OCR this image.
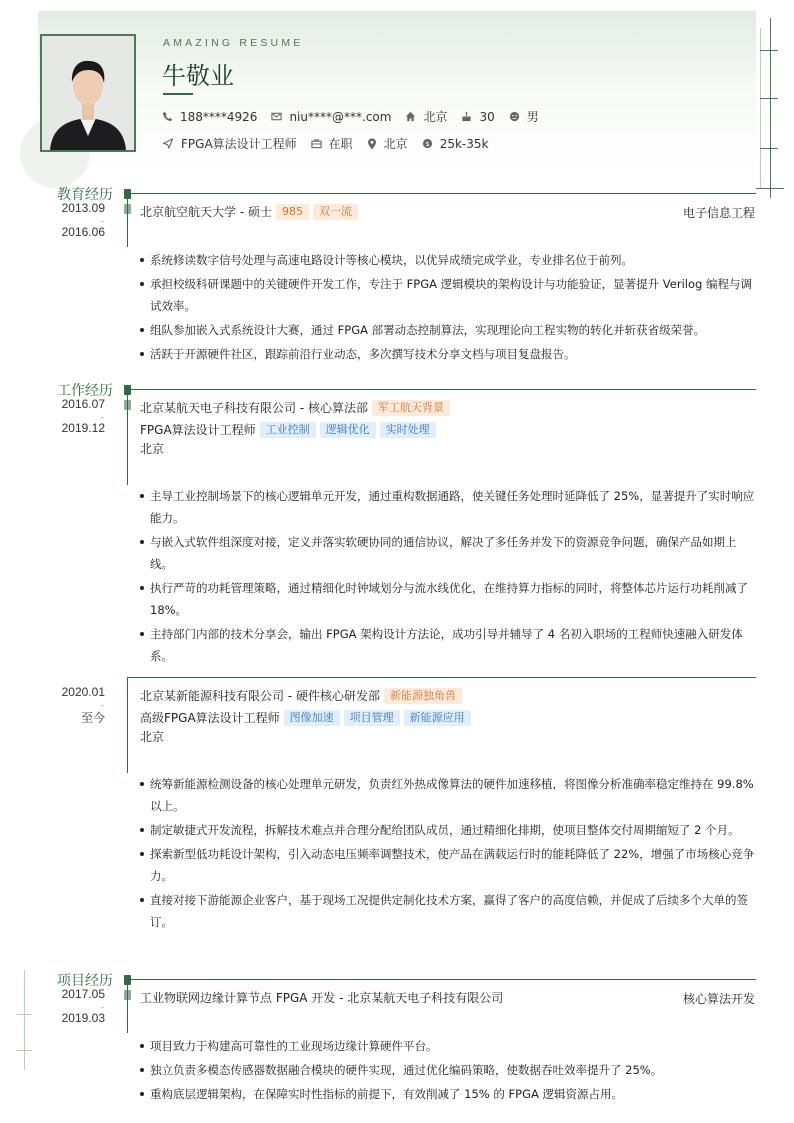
AMAZING RESUME
牛敬业
188****4926	niu****@***.com	北京	30	男
FPGA算法设计工程师	在职	北京 $ 25k-35k
教育经历
2013.09
-
2016.06
北京航空航天大学 - 硕士 985	双一流	电子信息工程
系统修读数字信号处理与高速电路设计等核心模块，以优异成绩完成学业，专业排名位于前列。
承担校级科研课题中的关键硬件开发工作，专注于 FPGA 逻辑模块的架构设计与功能验证，显著提升 Verilog 编程与调试效率。
组队参加嵌入式系统设计大赛，通过 FPGA 部署动态控制算法，实现理论向工程实物的转化并斩获省级荣誉。
活跃于开源硬件社区，跟踪前沿行业动态，多次撰写技术分享文档与项目复盘报告。
工作经历
2016.07
-
2019.12
北京某航天电子科技有限公司 - 核心算法部 军工航天背景
FPGA算法设计工程师 工业控制	逻辑优化	实时处理
北京
主导工业控制场景下的核心逻辑单元开发，通过重构数据通路，使关键任务处理时延降低了 25%，显著提升了实时响应能力。
与嵌入式软件组深度对接，定义并落实软硬协同的通信协议，解决了多任务并发下的资源竞争问题，确保产品如期上线。
执行严苛的功耗管理策略，通过精细化时钟域划分与流水线优化，在维持算力指标的同时，将整体芯片运行功耗削减了 18%。
主持部门内部的技术分享会，输出 FPGA 架构设计方法论，成功引导并辅导了 4 名初入职场的工程师快速融入研发体系。
2020.01
-
至今
北京某新能源科技有限公司 - 硬件核心研发部 新能源独角兽
高级FPGA算法设计工程师 图像加速	项目管理	新能源应用
北京
统筹新能源检测设备的核心处理单元研发，负责红外热成像算法的硬件加速移植，将图像分析准确率稳定维持在 99.8% 以上。
制定敏捷式开发流程，拆解技术难点并合理分配给团队成员，通过精细化排期，使项目整体交付周期缩短了 2 个月。
探索新型低功耗设计架构，引入动态电压频率调整技术，使产品在满载运行时的能耗降低了 22%，增强了市场核心竞争力。
直接对接下游能源企业客户，基于现场工况提供定制化技术方案，赢得了客户的高度信赖，并促成了后续多个大单的签订。
项目经历
2017.05
-
2019.03
工业物联网边缘计算节点 FPGA 开发 - 北京某航天电子科技有限公司	核心算法开发
项目致力于构建高可靠性的工业现场边缘计算硬件平台。
独立负责多模态传感器数据融合模块的硬件实现，通过优化编码策略，使数据吞吐效率提升了 25%。
重构底层逻辑架构，在保障实时性指标的前提下，有效削减了 15% 的 FPGA 逻辑资源占用。
